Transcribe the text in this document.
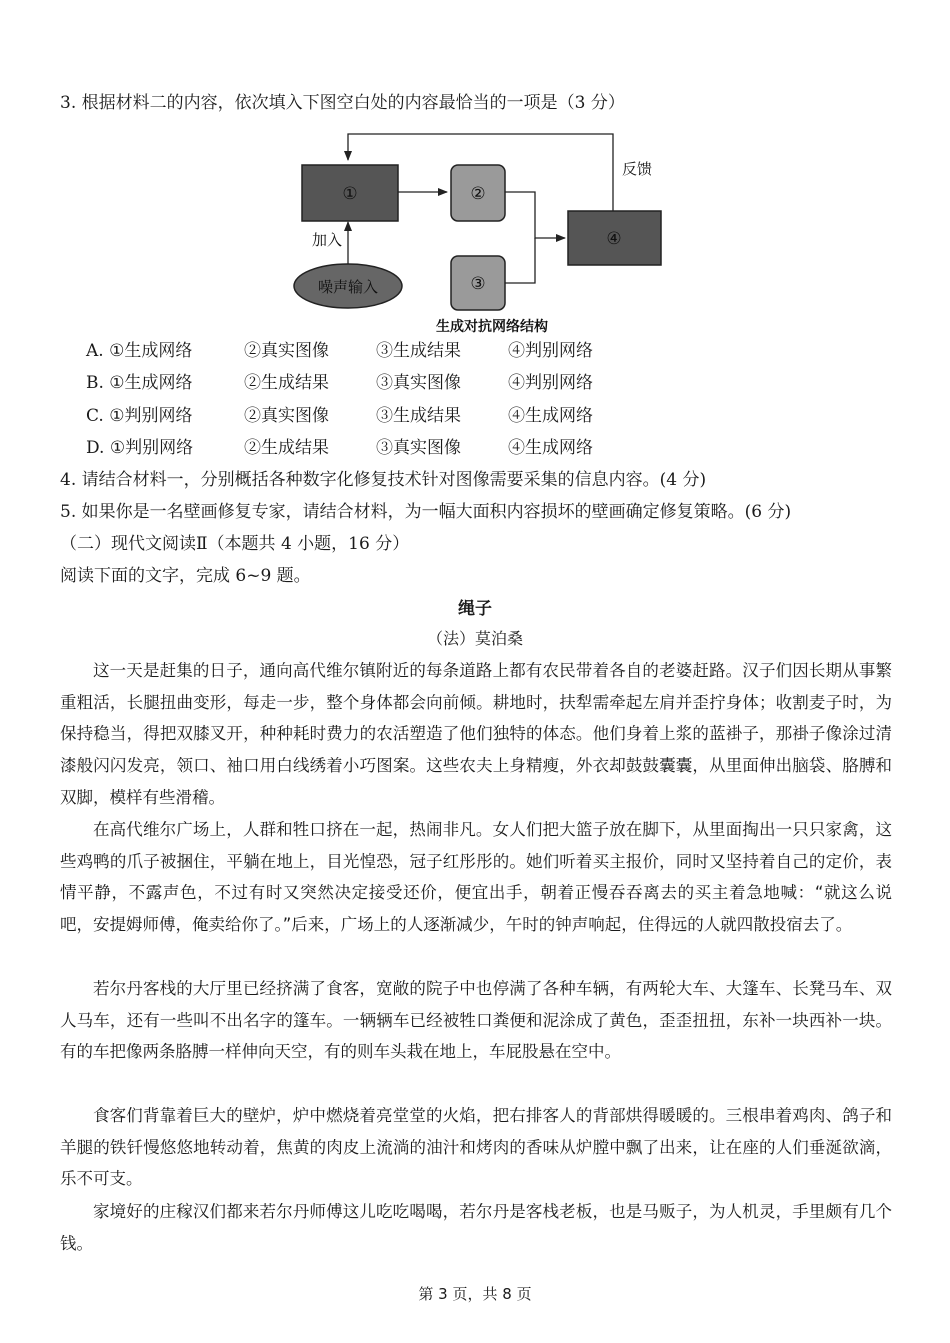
3. 根据材料二的内容，依次填入下图空白处的内容最恰当的一项是（3 分）
①	②
③
④
噪声输入
加入
反馈
生成对抗网络结构
A. ①生成网络	②真实图像	③生成结果	④判别网络
B. ①生成网络	②生成结果	③真实图像	④判别网络
C. ①判别网络	②真实图像	③生成结果	④生成网络
D. ①判别网络	②生成结果	③真实图像	④生成网络
4. 请结合材料一，分别概括各种数字化修复技术针对图像需要采集的信息内容。(4 分)
5. 如果你是一名壁画修复专家，请结合材料，为一幅大面积内容损坏的壁画确定修复策略。(6 分)
（二）现代文阅读Ⅱ（本题共 4 小题，16 分）
阅读下面的文字，完成 6~9 题。
绳子
（法）莫泊桑

这一天是赶集的日子，通向高代维尔镇附近的每条道路上都有农民带着各自的老婆赶路。汉子们因长期从事繁重粗活，长腿扭曲变形，每走一步，整个身体都会向前倾。耕地时，扶犁需牵起左肩并歪拧身体；收割麦子时，为保持稳当，得把双膝叉开，种种耗时费力的农活塑造了他们独特的体态。他们身着上浆的蓝褂子，那褂子像涂过清漆般闪闪发亮，领口、袖口用白线绣着小巧图案。这些农夫上身精瘦，外衣却鼓鼓囊囊，从里面伸出脑袋、胳膊和双脚，模样有些滑稽。

在高代维尔广场上，人群和牲口挤在一起，热闹非凡。女人们把大篮子放在脚下，从里面掏出一只只家禽，这些鸡鸭的爪子被捆住，平躺在地上，目光惶恐，冠子红彤彤的。她们听着买主报价，同时又坚持着自己的定价，表情平静，不露声色，不过有时又突然决定接受还价，便宜出手，朝着正慢吞吞离去的买主着急地喊：“就这么说吧，安提姆师傅，俺卖给你了。”后来，广场上的人逐渐减少，午时的钟声响起，住得远的人就四散投宿去了。

若尔丹客栈的大厅里已经挤满了食客，宽敞的院子中也停满了各种车辆，有两轮大车、大篷车、长凳马车、双人马车，还有一些叫不出名字的篷车。一辆辆车已经被牲口粪便和泥涂成了黄色，歪歪扭扭，东补一块西补一块。有的车把像两条胳膊一样伸向天空，有的则车头栽在地上，车屁股悬在空中。

食客们背靠着巨大的壁炉，炉中燃烧着亮堂堂的火焰，把右排客人的背部烘得暖暖的。三根串着鸡肉、鸽子和羊腿的铁钎慢悠悠地转动着，焦黄的肉皮上流淌的油汁和烤肉的香味从炉膛中飘了出来，让在座的人们垂涎欲滴，乐不可支。

家境好的庄稼汉们都来若尔丹师傅这儿吃吃喝喝，若尔丹是客栈老板，也是马贩子，为人机灵，手里颇有几个钱。

第 3 页，共 8 页
